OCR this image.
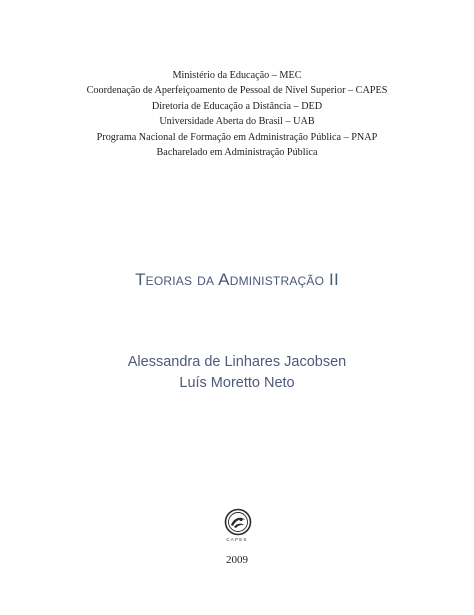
Ministério da Educação – MEC
Coordenação de Aperfeiçoamento de Pessoal de Nível Superior – CAPES
Diretoria de Educação a Distância – DED
Universidade Aberta do Brasil – UAB
Programa Nacional de Formação em Administração Pública – PNAP
Bacharelado em Administração Pública
Teorias da Administração II
Alessandra de Linhares Jacobsen
Luís Moretto Neto
CAPES
2009
